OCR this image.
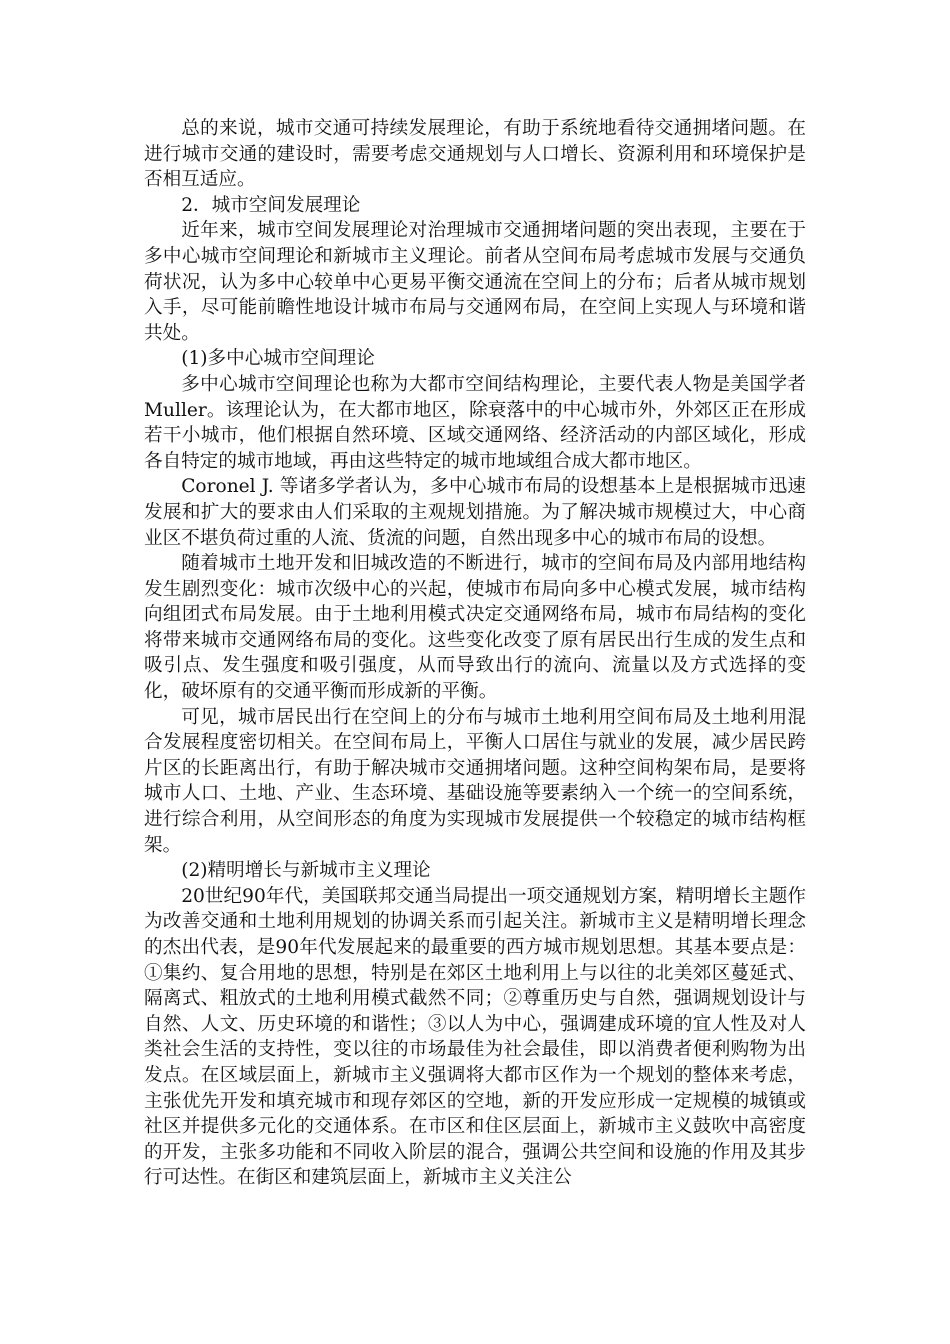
总的来说，城市交通可持续发展理论，有助于系统地看待交通拥堵问题。在进行城市交通的建设时，需要考虑交通规划与人口增长、资源利用和环境保护是否相互适应。

2．城市空间发展理论

近年来，城市空间发展理论对治理城市交通拥堵问题的突出表现，主要在于多中心城市空间理论和新城市主义理论。前者从空间布局考虑城市发展与交通负荷状况，认为多中心较单中心更易平衡交通流在空间上的分布；后者从城市规划入手，尽可能前瞻性地设计城市布局与交通网布局，在空间上实现人与环境和谐共处。

(1)多中心城市空间理论

多中心城市空间理论也称为大都市空间结构理论，主要代表人物是美国学者Muller。该理论认为，在大都市地区，除衰落中的中心城市外，外郊区正在形成若干小城市，他们根据自然环境、区域交通网络、经济活动的内部区域化，形成各自特定的城市地域，再由这些特定的城市地域组合成大都市地区。

Coronel J. 等诸多学者认为，多中心城市布局的设想基本上是根据城市迅速发展和扩大的要求由人们采取的主观规划措施。为了解决城市规模过大，中心商业区不堪负荷过重的人流、货流的问题，自然出现多中心的城市布局的设想。

随着城市土地开发和旧城改造的不断进行，城市的空间布局及内部用地结构发生剧烈变化：城市次级中心的兴起，使城市布局向多中心模式发展，城市结构向组团式布局发展。由于土地利用模式决定交通网络布局，城市布局结构的变化将带来城市交通网络布局的变化。这些变化改变了原有居民出行生成的发生点和吸引点、发生强度和吸引强度，从而导致出行的流向、流量以及方式选择的变化，破坏原有的交通平衡而形成新的平衡。

可见，城市居民出行在空间上的分布与城市土地利用空间布局及土地利用混合发展程度密切相关。在空间布局上，平衡人口居住与就业的发展，减少居民跨片区的长距离出行，有助于解决城市交通拥堵问题。这种空间构架布局，是要将城市人口、土地、产业、生态环境、基础设施等要素纳入一个统一的空间系统，进行综合利用，从空间形态的角度为实现城市发展提供一个较稳定的城市结构框架。

(2)精明增长与新城市主义理论

20世纪90年代，美国联邦交通当局提出一项交通规划方案，精明增长主题作为改善交通和土地利用规划的协调关系而引起关注。新城市主义是精明增长理念的杰出代表，是90年代发展起来的最重要的西方城市规划思想。其基本要点是：①集约、复合用地的思想，特别是在郊区土地利用上与以往的北美郊区蔓延式、隔离式、粗放式的土地利用模式截然不同；②尊重历史与自然，强调规划设计与自然、人文、历史环境的和谐性；③以人为中心，强调建成环境的宜人性及对人类社会生活的支持性，变以往的市场最佳为社会最佳，即以消费者便利购物为出发点。在区域层面上，新城市主义强调将大都市区作为一个规划的整体来考虑，主张优先开发和填充城市和现存郊区的空地，新的开发应形成一定规模的城镇或社区并提供多元化的交通体系。在市区和住区层面上，新城市主义鼓吹中高密度的开发，主张多功能和不同收入阶层的混合，强调公共空间和设施的作用及其步行可达性。在街区和建筑层面上，新城市主义关注公
